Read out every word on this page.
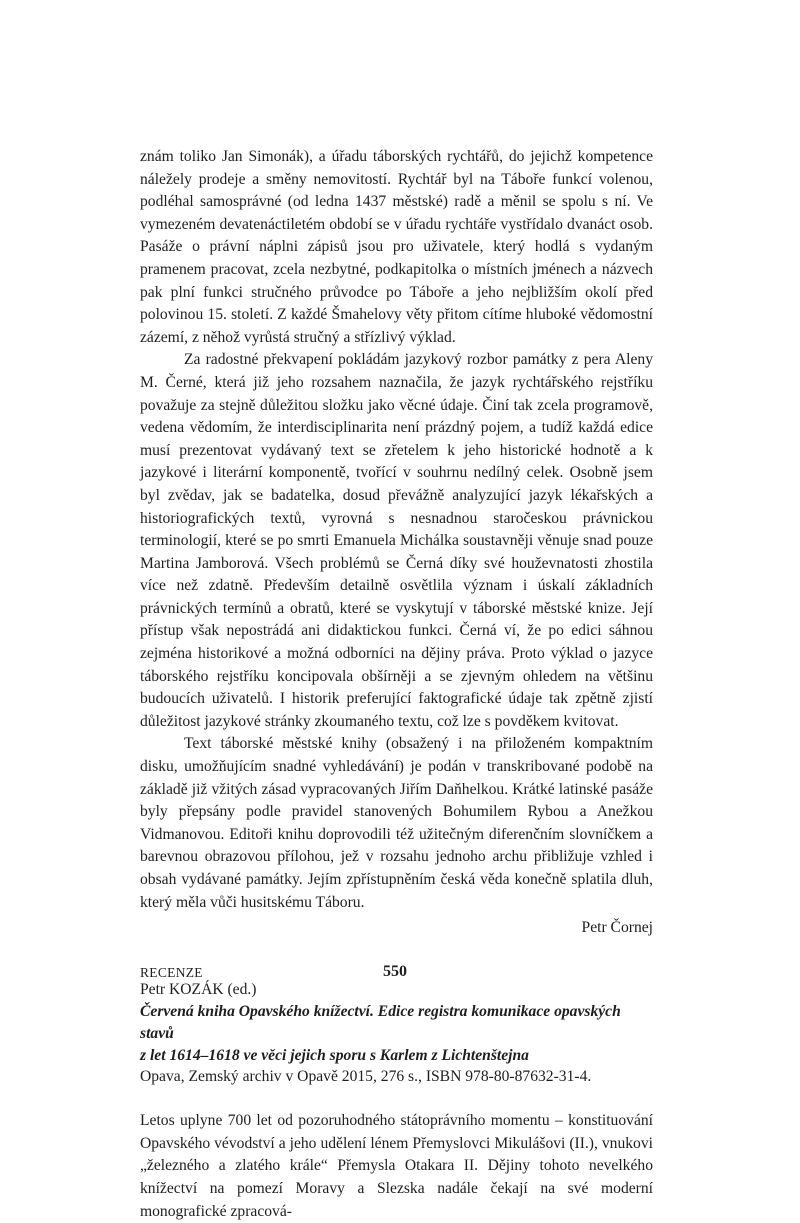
znám toliko Jan Simonák), a úřadu táborských rychtářů, do jejichž kompetence náležely prodeje a směny nemovitostí. Rychtář byl na Táboře funkcí volenou, podléhal samosprávné (od ledna 1437 městské) radě a měnil se spolu s ní. Ve vymezeném devatenáctiletém období se v úřadu rychtáře vystřídalo dvanáct osob. Pasáže o právní náplni zápisů jsou pro uživatele, který hodlá s vydaným pramenem pracovat, zcela nezbytné, podkapitolka o místních jménech a názvech pak plní funkci stručného průvodce po Táboře a jeho nejbližším okolí před polovinou 15. století. Z každé Šmahelovy věty přitom cítíme hluboké vědomostní zázemí, z něhož vyrůstá stručný a střízlivý výklad.

Za radostné překvapení pokládám jazykový rozbor památky z pera Aleny M. Černé, která již jeho rozsahem naznačila, že jazyk rychtářského rejstříku považuje za stejně důležitou složku jako věcné údaje. Činí tak zcela programově, vedena vědomím, že interdisciplinarita není prázdný pojem, a tudíž každá edice musí prezentovat vydávaný text se zřetelem k jeho historické hodnotě a k jazykové i literární komponentě, tvořící v souhrnu nedílný celek. Osobně jsem byl zvědav, jak se badatelka, dosud převážně analyzující jazyk lékařských a historiografických textů, vyrovná s nesnadnou staročeskou právnickou terminologií, které se po smrti Emanuela Michálka soustavněji věnuje snad pouze Martina Jamborová. Všech problémů se Černá díky své houževnatosti zhostila více než zdatně. Především detailně osvětlila význam i úskalí základních právnických termínů a obratů, které se vyskytují v táborské městské knize. Její přístup však nepostrádá ani didaktickou funkci. Černá ví, že po edici sáhnou zejména historikové a možná odborníci na dějiny práva. Proto výklad o jazyce táborského rejstříku koncipovala obšírněji a se zjevným ohledem na většinu budoucích uživatelů. I historik preferující faktografické údaje tak zpětně zjistí důležitost jazykové stránky zkoumaného textu, což lze s povděkem kvitovat.

Text táborské městské knihy (obsažený i na přiloženém kompaktním disku, umožňujícím snadné vyhledávání) je podán v transkribované podobě na základě již vžitých zásad vypracovaných Jiřím Daňhelkou. Krátké latinské pasáže byly přepsány podle pravidel stanovených Bohumilem Rybou a Anežkou Vidmanovou. Editoři knihu doprovodili též užitečným diferenčním slovníčkem a barevnou obrazovou přílohou, jež v rozsahu jednoho archu přibližuje vzhled i obsah vydávané památky. Jejím zpřístupněním česká věda konečně splatila dluh, který měla vůči husitskému Táboru.

Petr Čornej

Petr KOZÁK (ed.)

Červená kniha Opavského knížectví. Edice registra komunikace opavských stavů

z let 1614–1618 ve věci jejich sporu s Karlem z Lichtenštejna

Opava, Zemský archiv v Opavě 2015, 276 s., ISBN 978-80-87632-31-4.

Letos uplyne 700 let od pozoruhodného státoprávního momentu – konstituování Opavského vévodství a jeho udělení lénem Přemyslovci Mikulášovi (II.), vnukovi „železného a zlatého krále“ Přemysla Otakara II. Dějiny tohoto nevelkého knížectví na pomezí Moravy a Slezska nadále čekají na své moderní monografické zpracová-

RECENZE	550
